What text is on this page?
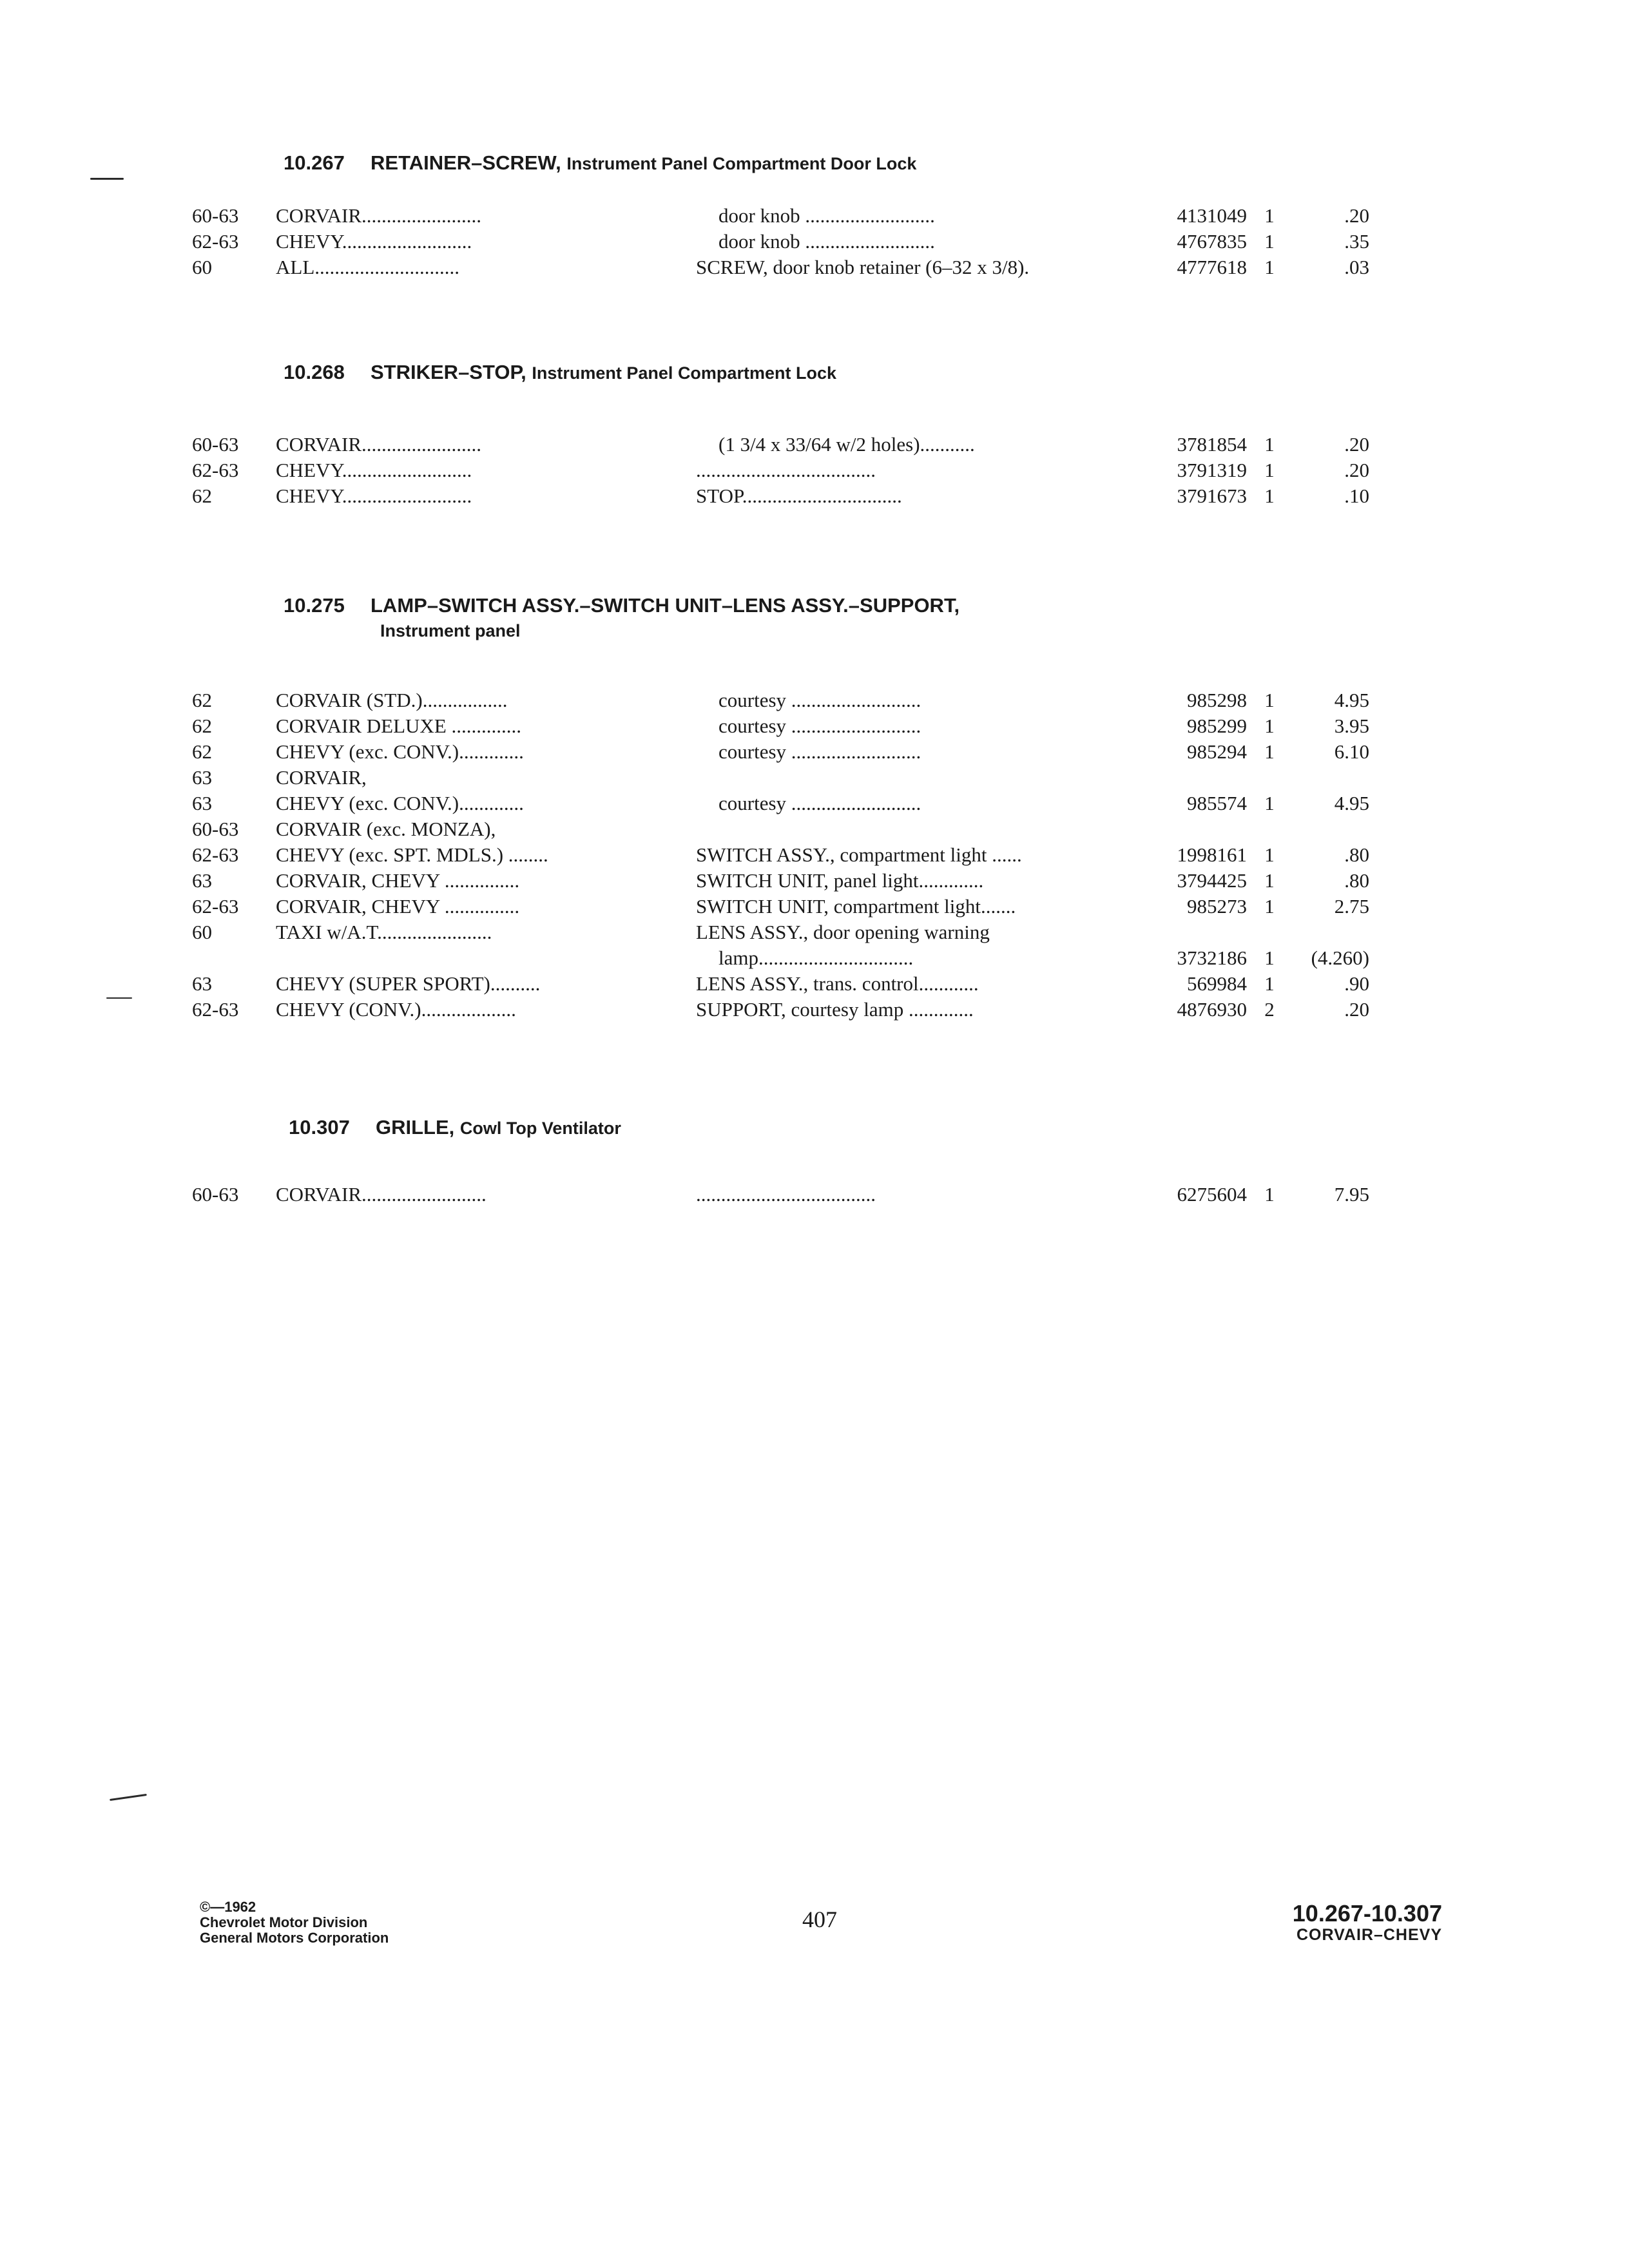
10.267 RETAINER–SCREW, Instrument Panel Compartment Door Lock
60-63	CORVAIR........................	door knob ..........................	4131049 1	.20
62-63	CHEVY..........................	door knob ..........................	4767835 1	.35
60	ALL.............................	SCREW, door knob retainer (6–32 x 3/8).	4777618 1	.03
10.268 STRIKER–STOP, Instrument Panel Compartment Lock
60-63	CORVAIR........................	(1 3/4 x 33/64 w/2 holes)...........	3781854 1	.20
62-63	CHEVY..........................	....................................	3791319 1	.20
62	CHEVY..........................	STOP................................	3791673 1	.10
10.275 LAMP–SWITCH ASSY.–SWITCH UNIT–LENS ASSY.–SUPPORT,
Instrument panel
62	CORVAIR (STD.).................	courtesy ..........................	985298 1	4.95
62	CORVAIR DELUXE ..............	courtesy ..........................	985299 1	3.95
62	CHEVY (exc. CONV.).............	courtesy ..........................	985294 1	6.10
63	CORVAIR,
63	CHEVY (exc. CONV.).............	courtesy ..........................	985574 1	4.95
60-63	CORVAIR (exc. MONZA),
62-63	CHEVY (exc. SPT. MDLS.) ........	SWITCH ASSY., compartment light ......	1998161 1	.80
63	CORVAIR, CHEVY ...............	SWITCH UNIT, panel light.............	3794425 1	.80
62-63	CORVAIR, CHEVY ...............	SWITCH UNIT, compartment light.......	985273 1	2.75
60	TAXI w/A.T.......................	LENS ASSY., door opening warning
lamp...............................	3732186 1	(4.260)
63	CHEVY (SUPER SPORT)..........	LENS ASSY., trans. control............	569984 1	.90
62-63	CHEVY (CONV.)...................	SUPPORT, courtesy lamp .............	4876930 2	.20
10.307 GRILLE, Cowl Top Ventilator
60-63	CORVAIR.........................	....................................	6275604 1	7.95
©—1962
Chevrolet Motor Division
General Motors Corporation
407	10.267-10.307
CORVAIR–CHEVY
